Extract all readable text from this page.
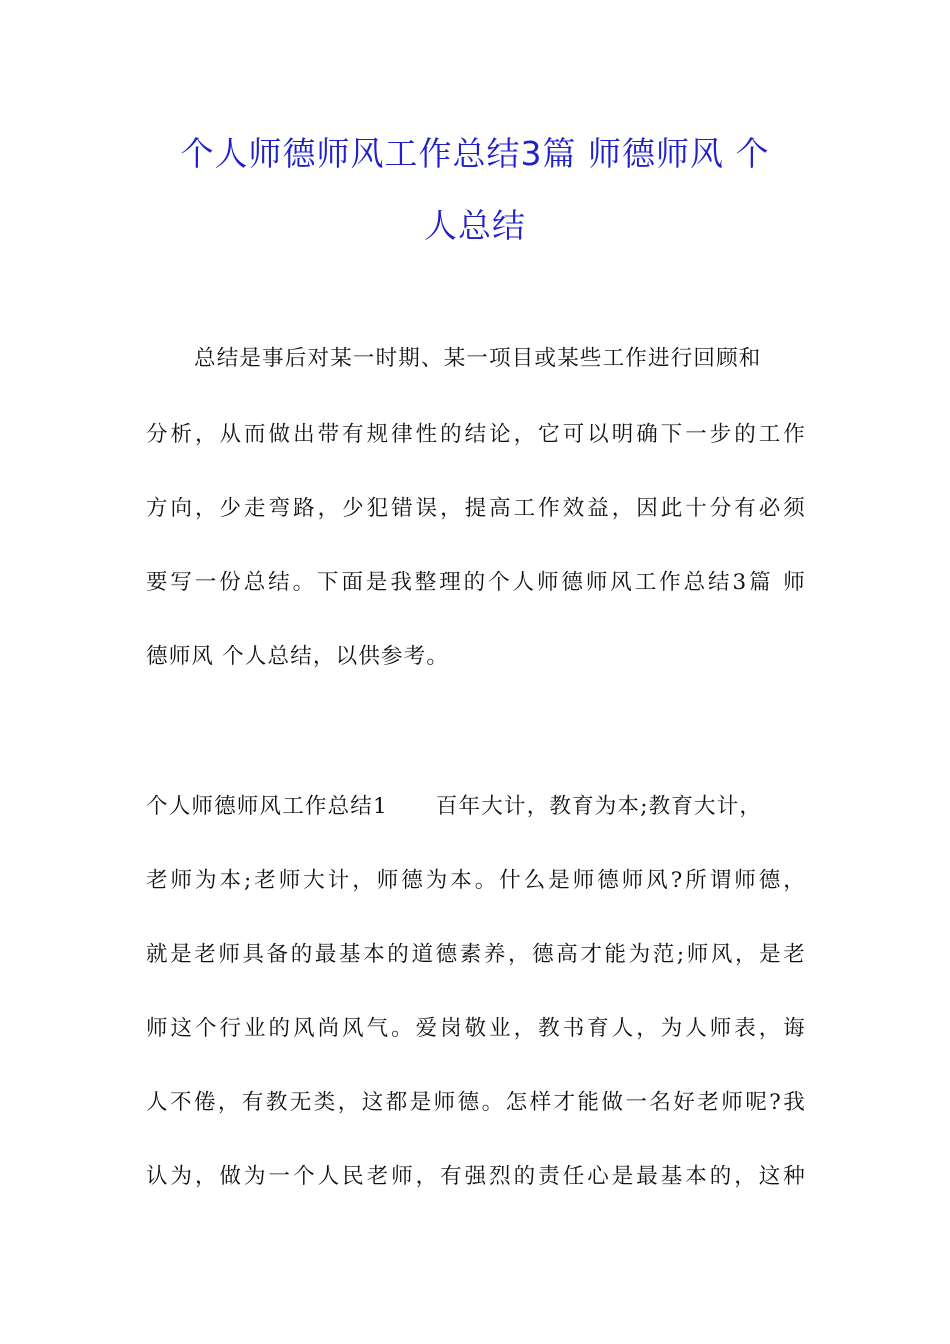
个人师德师风工作总结3篇 师德师风 个
人总结
总结是事后对某一时期、某一项目或某些工作进行回顾和
分析，从而做出带有规律性的结论，它可以明确下一步的工作
方向，少走弯路，少犯错误，提高工作效益，因此十分有必须
要写一份总结。下面是我整理的个人师德师风工作总结3篇 师
德师风 个人总结，以供参考。
个人师德师风工作总结1 百年大计，教育为本;教育大计，
老师为本;老师大计，师德为本。什么是师德师风?所谓师德，
就是老师具备的最基本的道德素养，德高才能为范;师风，是老
师这个行业的风尚风气。爱岗敬业，教书育人，为人师表，诲
人不倦，有教无类，这都是师德。怎样才能做一名好老师呢?我
认为，做为一个人民老师，有强烈的责任心是最基本的，这种
